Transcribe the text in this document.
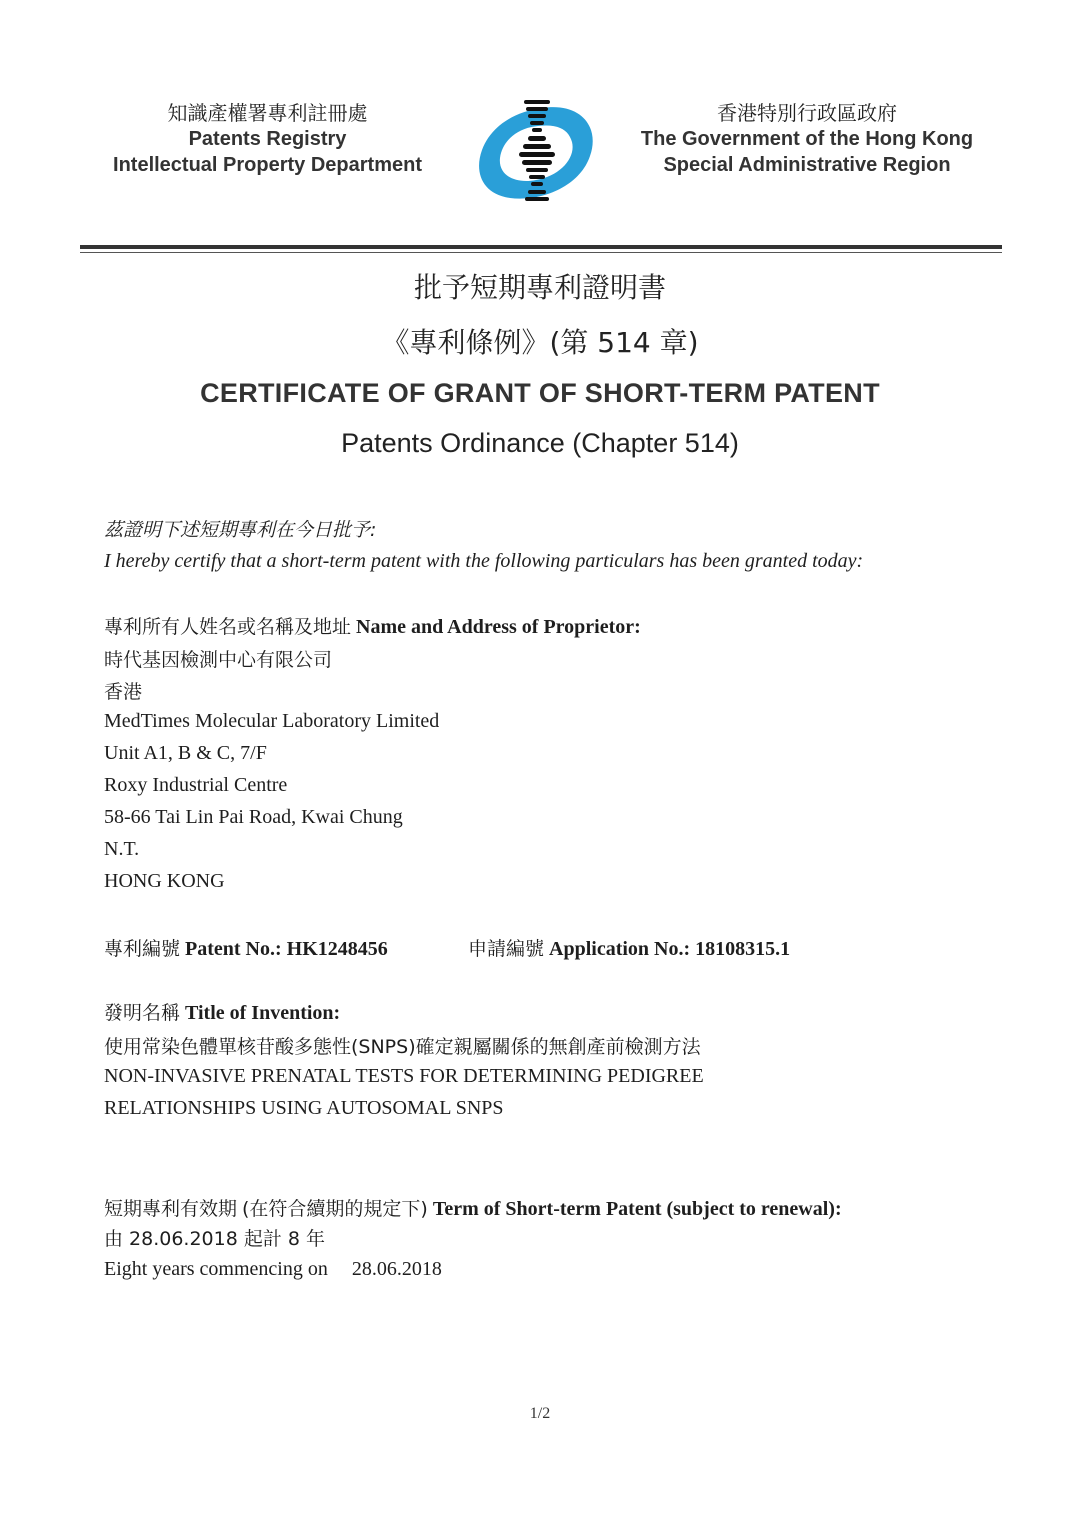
知識產權署專利註冊處
Patents Registry
Intellectual Property Department
香港特別行政區政府
The Government of the Hong Kong
Special Administrative Region
批予短期專利證明書
《專利條例》(第 514 章)
CERTIFICATE OF GRANT OF SHORT-TERM PATENT
Patents Ordinance (Chapter 514)
茲證明下述短期專利在今日批予:
I hereby certify that a short-term patent with the following particulars has been granted today:
專利所有人姓名或名稱及地址 Name and Address of Proprietor:
時代基因檢測中心有限公司
香港
MedTimes Molecular Laboratory Limited
Unit A1, B & C, 7/F
Roxy Industrial Centre
58-66 Tai Lin Pai Road, Kwai Chung
N.T.
HONG KONG
專利編號 Patent No.: HK1248456	申請編號 Application No.: 18108315.1
發明名稱 Title of Invention:
使用常染色體單核苷酸多態性(SNPS)確定親屬關係的無創產前檢測方法
NON-INVASIVE PRENATAL TESTS FOR DETERMINING PEDIGREE
RELATIONSHIPS USING AUTOSOMAL SNPS
短期專利有效期 (在符合續期的規定下) Term of Short-term Patent (subject to renewal):
由 28.06.2018 起計 8 年
Eight years commencing on 28.06.2018
1/2
